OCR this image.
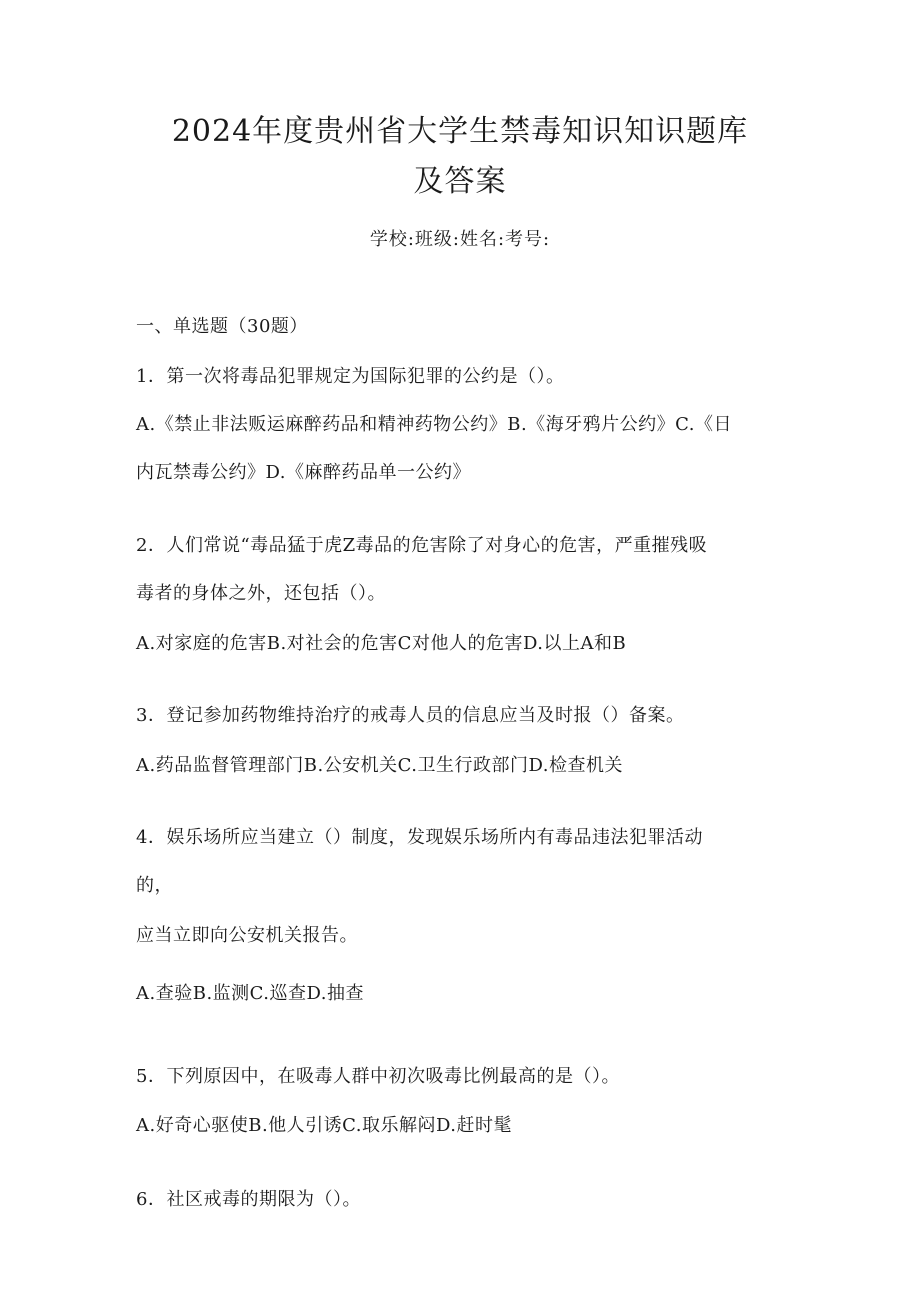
2024年度贵州省大学生禁毒知识知识题库
及答案
学校:班级:姓名:考号:
一、单选题（30题）
1．第一次将毒品犯罪规定为国际犯罪的公约是（）。
A.《禁止非法贩运麻醉药品和精神药物公约》B.《海牙鸦片公约》C.《日
内瓦禁毒公约》D.《麻醉药品单一公约》
2．人们常说“毒品猛于虎Z毒品的危害除了对身心的危害，严重摧残吸
毒者的身体之外，还包括（）。
A.对家庭的危害B.对社会的危害C对他人的危害D.以上A和B
3．登记参加药物维持治疗的戒毒人员的信息应当及时报（）备案。
A.药品监督管理部门B.公安机关C.卫生行政部门D.检查机关
4．娱乐场所应当建立（）制度，发现娱乐场所内有毒品违法犯罪活动
的，
应当立即向公安机关报告。
A.查验B.监测C.巡查D.抽查
5．下列原因中，在吸毒人群中初次吸毒比例最高的是（）。
A.好奇心驱使B.他人引诱C.取乐解闷D.赶时髦
6．社区戒毒的期限为（）。
